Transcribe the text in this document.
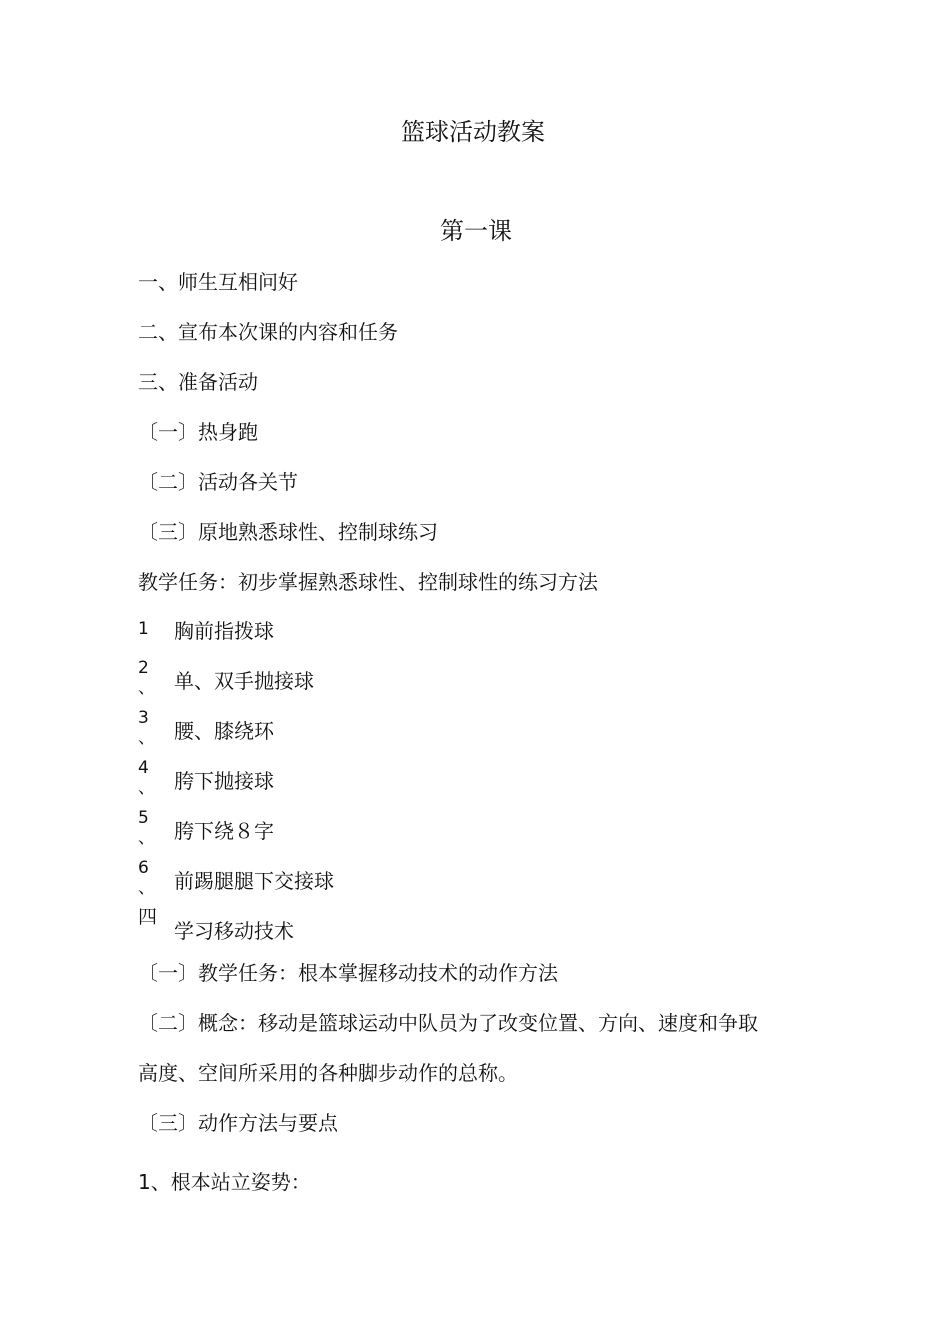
篮球活动教案
第一课
一、师生互相问好
二、宣布本次课的内容和任务
三、准备活动
〔一〕热身跑
〔二〕活动各关节
〔三〕原地熟悉球性、控制球练习
教学任务：初步掌握熟悉球性、控制球性的练习方法
1 胸前指拨球
2
、 单、双手抛接球
3
、 腰、膝绕环
4
、 胯下抛接球
5
、 胯下绕８字
6
、 前踢腿腿下交接球
四
学习移动技术
〔一〕教学任务：根本掌握移动技术的动作方法
〔二〕概念：移动是篮球运动中队员为了改变位置、方向、速度和争取
高度、空间所采用的各种脚步动作的总称。
〔三〕动作方法与要点
1、根本站立姿势：
